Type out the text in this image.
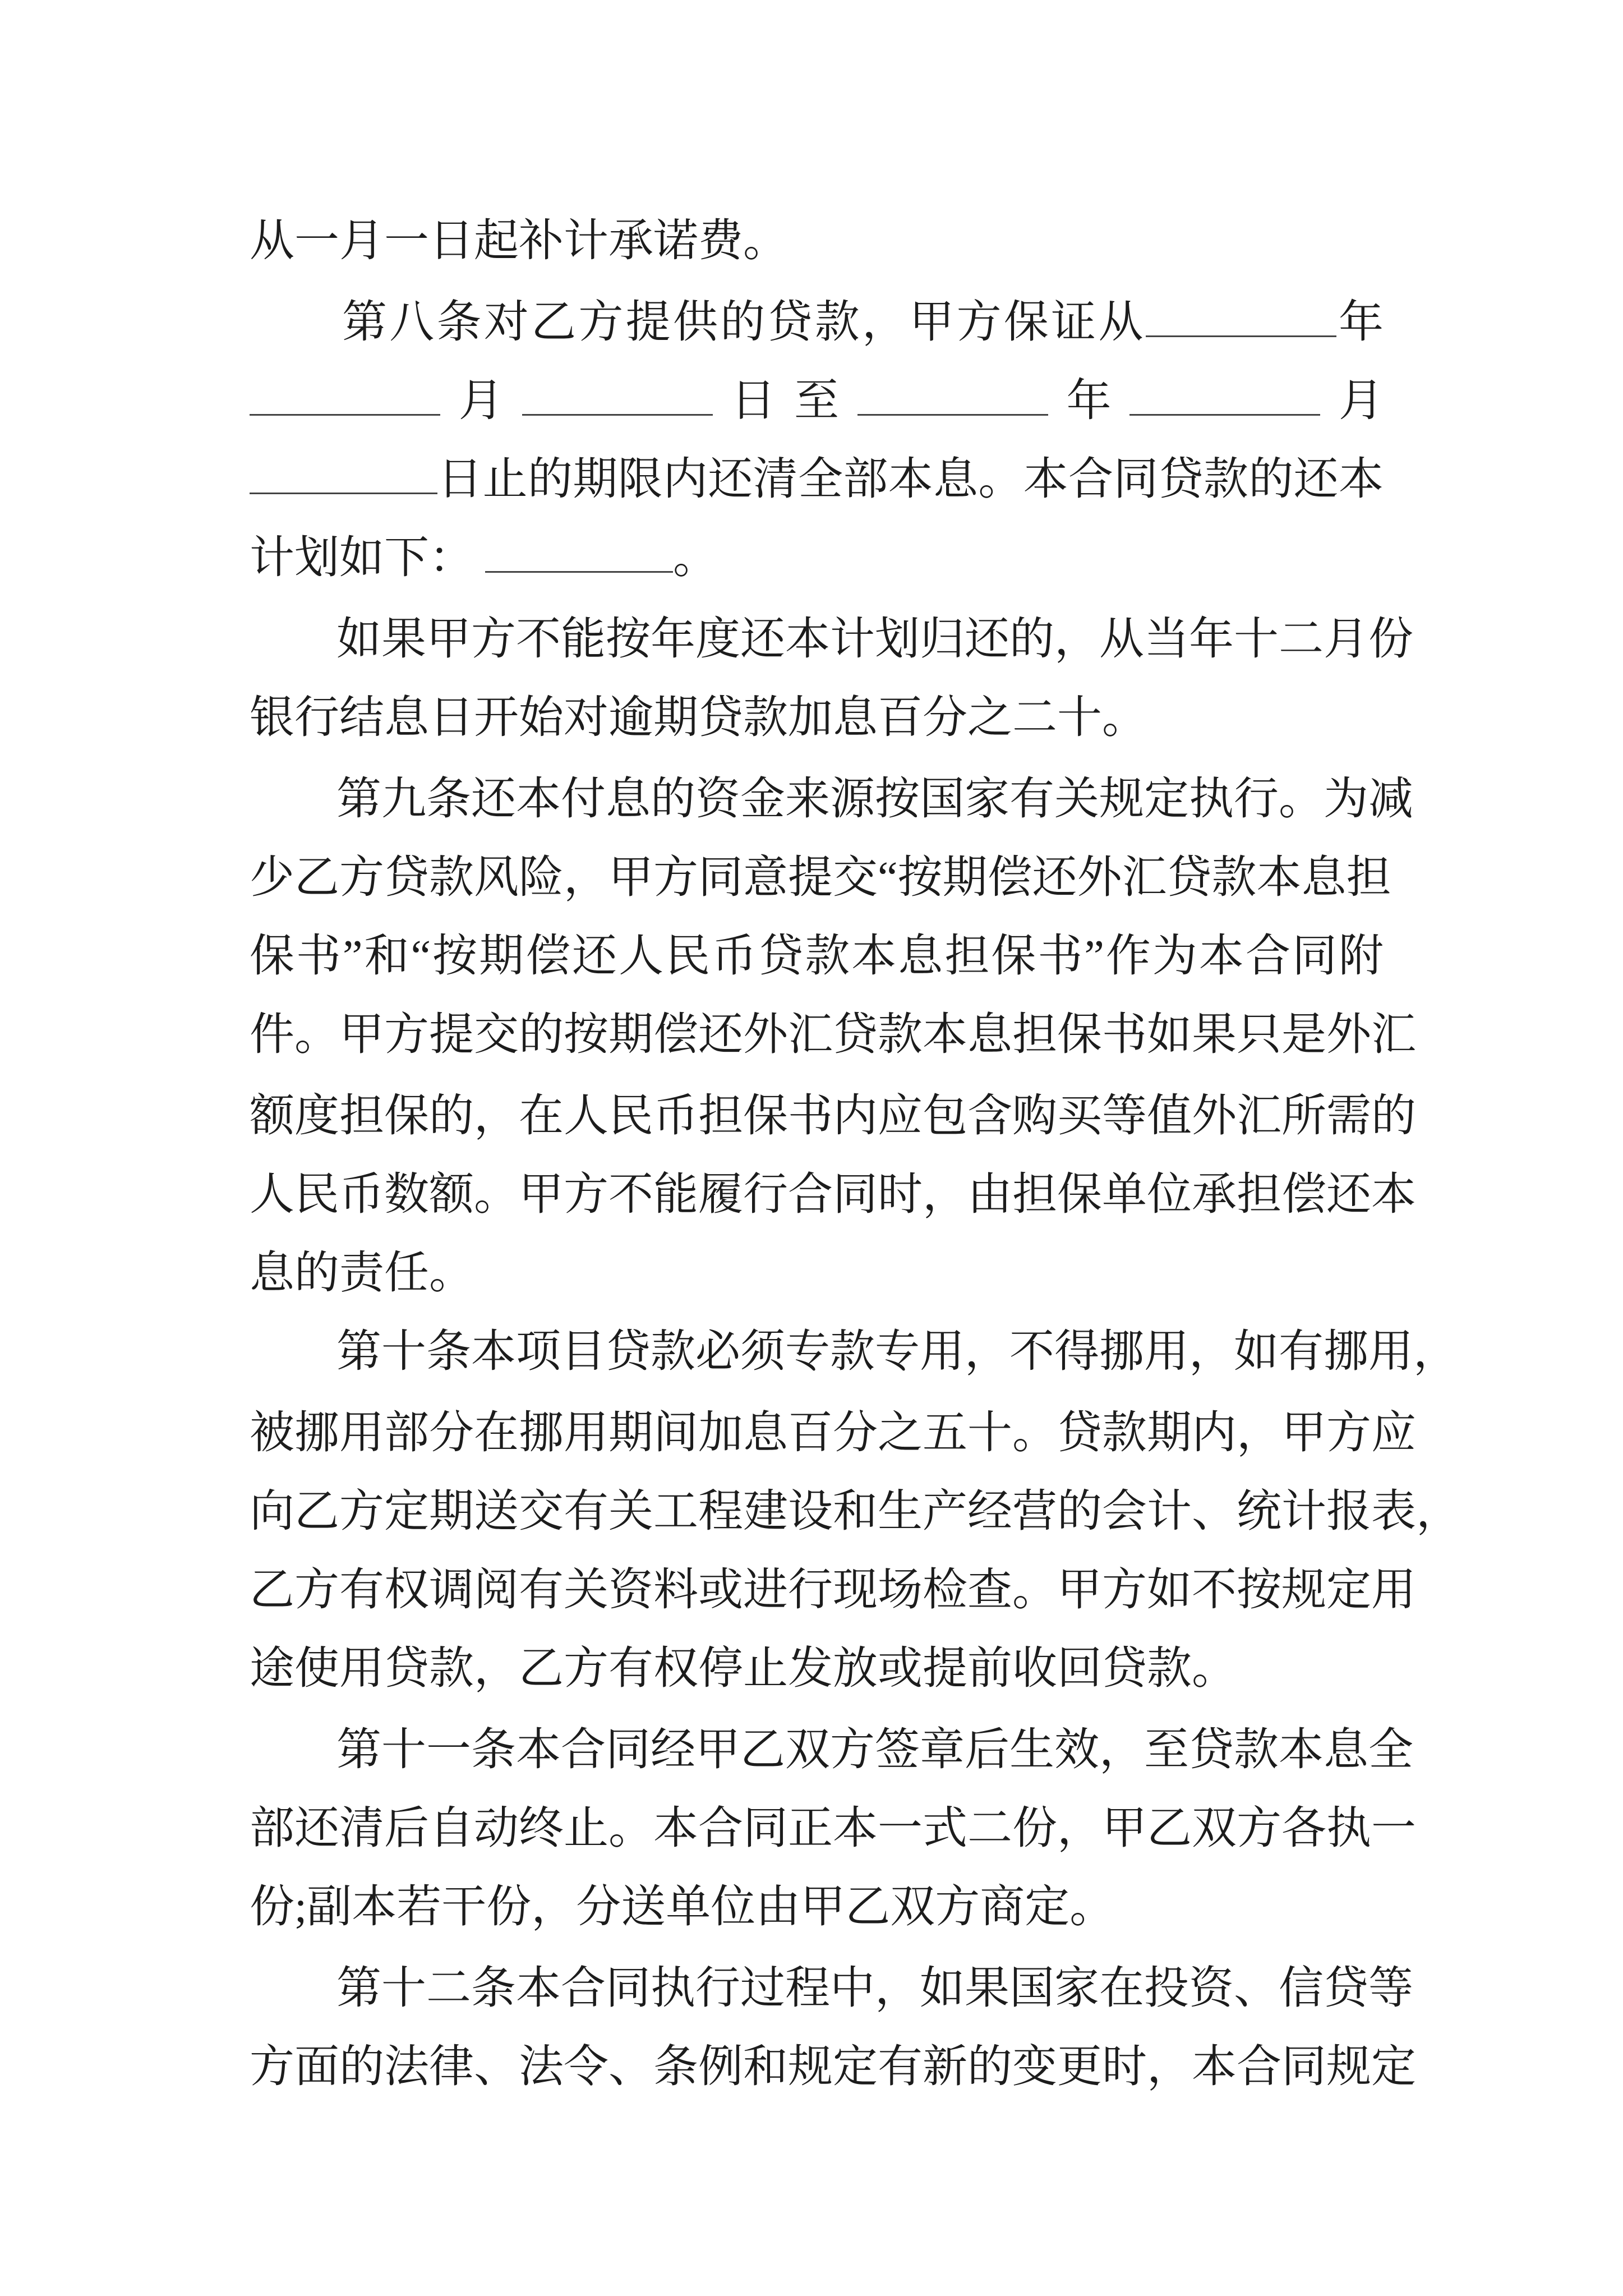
从一月一日起补计承诺费。
第八条对乙方提供的贷款，甲方保证从	年
月	日至	年	月
日止的期限内还清全部本息。本合同贷款的还本
计划如下：	。
如果甲方不能按年度还本计划归还的，从当年十二月份
银行结息日开始对逾期贷款加息百分之二十。
第九条还本付息的资金来源按国家有关规定执行。为减
少乙方贷款风险，甲方同意提交“按期偿还外汇贷款本息担
保书”和“按期偿还人民币贷款本息担保书”作为本合同附
件。甲方提交的按期偿还外汇贷款本息担保书如果只是外汇
额度担保的，在人民币担保书内应包含购买等值外汇所需的
人民币数额。甲方不能履行合同时，由担保单位承担偿还本
息的责任。
第十条本项目贷款必须专款专用，不得挪用，如有挪用，
被挪用部分在挪用期间加息百分之五十。贷款期内，甲方应
向乙方定期送交有关工程建设和生产经营的会计、统计报表，
乙方有权调阅有关资料或进行现场检查。甲方如不按规定用
途使用贷款，乙方有权停止发放或提前收回贷款。
第十一条本合同经甲乙双方签章后生效，至贷款本息全
部还清后自动终止。本合同正本一式二份，甲乙双方各执一
份;副本若干份，分送单位由甲乙双方商定。
第十二条本合同执行过程中，如果国家在投资、信贷等
方面的法律、法令、条例和规定有新的变更时，本合同规定
